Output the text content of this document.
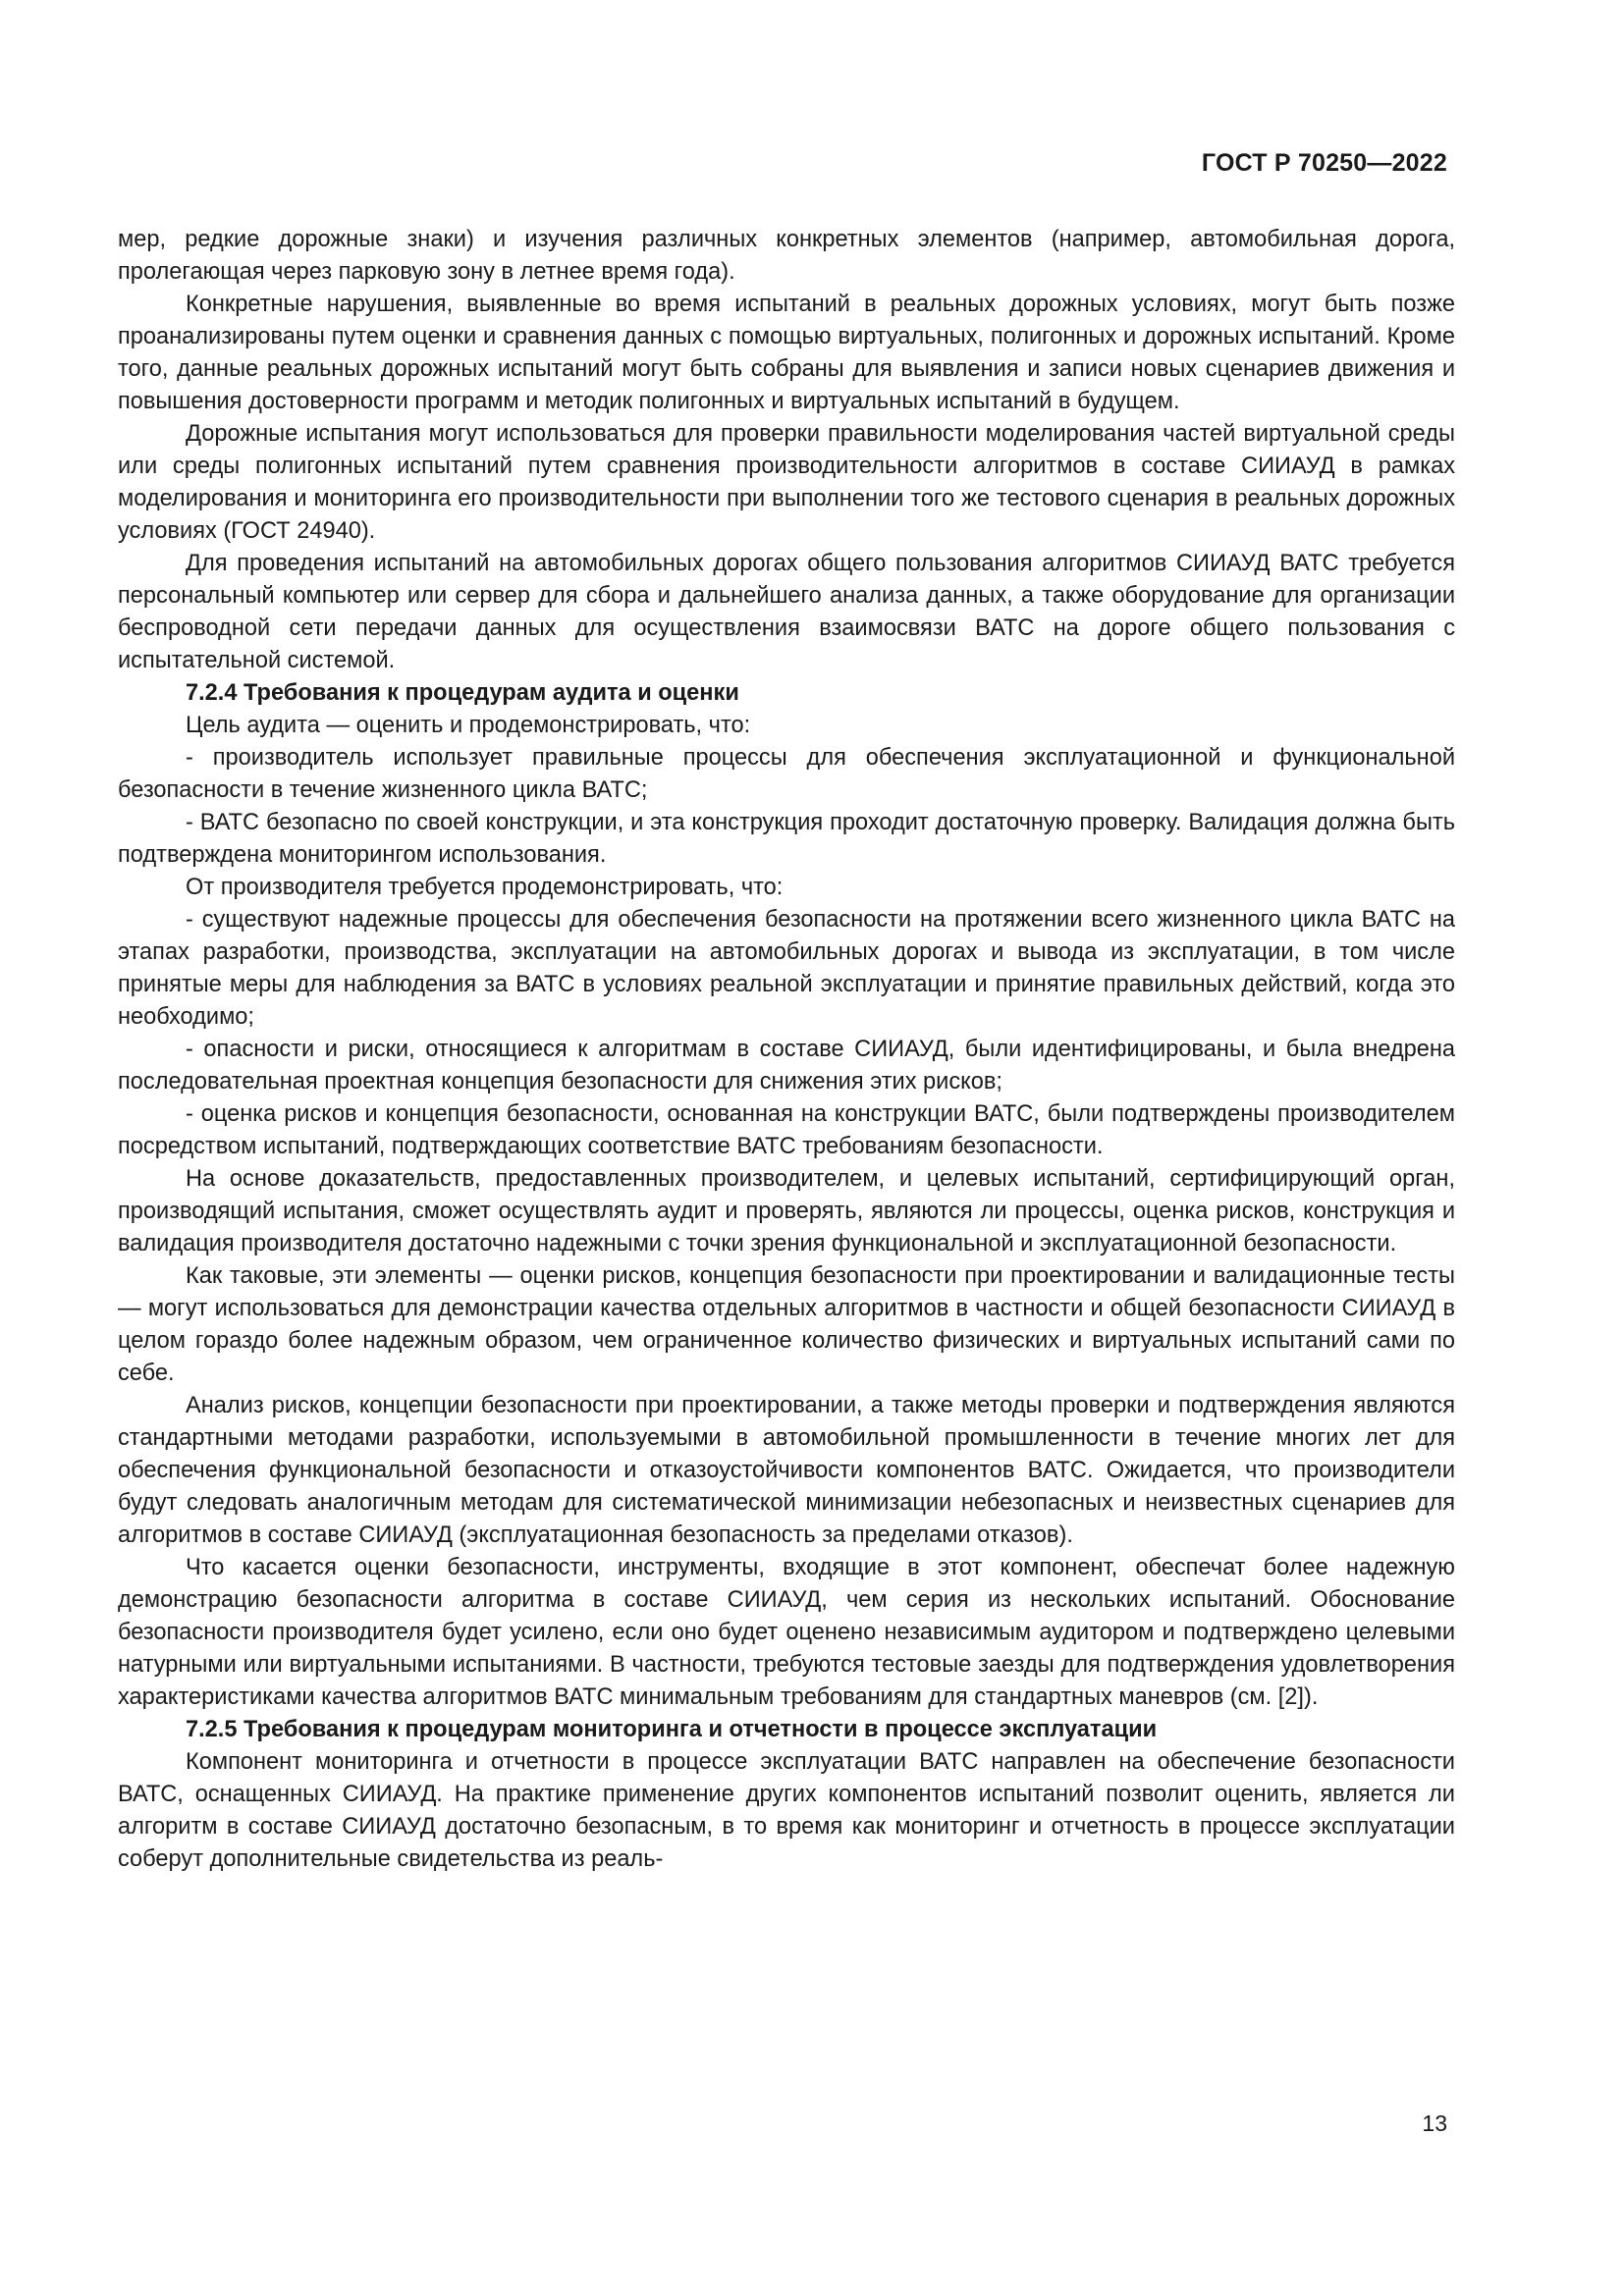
ГОСТ Р 70250—2022

мер, редкие дорожные знаки) и изучения различных конкретных элементов (например, автомобильная дорога, пролегающая через парковую зону в летнее время года).

Конкретные нарушения, выявленные во время испытаний в реальных дорожных условиях, могут быть позже проанализированы путем оценки и сравнения данных с помощью виртуальных, полигонных и дорожных испытаний. Кроме того, данные реальных дорожных испытаний могут быть собраны для выявления и записи новых сценариев движения и повышения достоверности программ и методик полигонных и виртуальных испытаний в будущем.

Дорожные испытания могут использоваться для проверки правильности моделирования частей виртуальной среды или среды полигонных испытаний путем сравнения производительности алгоритмов в составе СИИАУД в рамках моделирования и мониторинга его производительности при выполнении того же тестового сценария в реальных дорожных условиях (ГОСТ 24940).

Для проведения испытаний на автомобильных дорогах общего пользования алгоритмов СИИАУД ВАТС требуется персональный компьютер или сервер для сбора и дальнейшего анализа данных, а также оборудование для организации беспроводной сети передачи данных для осуществления взаимосвязи ВАТС на дороге общего пользования с испытательной системой.

7.2.4 Требования к процедурам аудита и оценки

Цель аудита — оценить и продемонстрировать, что:

- производитель использует правильные процессы для обеспечения эксплуатационной и функциональной безопасности в течение жизненного цикла ВАТС;

- ВАТС безопасно по своей конструкции, и эта конструкция проходит достаточную проверку. Валидация должна быть подтверждена мониторингом использования.

От производителя требуется продемонстрировать, что:

- существуют надежные процессы для обеспечения безопасности на протяжении всего жизненного цикла ВАТС на этапах разработки, производства, эксплуатации на автомобильных дорогах и вывода из эксплуатации, в том числе принятые меры для наблюдения за ВАТС в условиях реальной эксплуатации и принятие правильных действий, когда это необходимо;

- опасности и риски, относящиеся к алгоритмам в составе СИИАУД, были идентифицированы, и была внедрена последовательная проектная концепция безопасности для снижения этих рисков;

- оценка рисков и концепция безопасности, основанная на конструкции ВАТС, были подтверждены производителем посредством испытаний, подтверждающих соответствие ВАТС требованиям безопасности.

На основе доказательств, предоставленных производителем, и целевых испытаний, сертифицирующий орган, производящий испытания, сможет осуществлять аудит и проверять, являются ли процессы, оценка рисков, конструкция и валидация производителя достаточно надежными с точки зрения функциональной и эксплуатационной безопасности.

Как таковые, эти элементы — оценки рисков, концепция безопасности при проектировании и валидационные тесты — могут использоваться для демонстрации качества отдельных алгоритмов в частности и общей безопасности СИИАУД в целом гораздо более надежным образом, чем ограниченное количество физических и виртуальных испытаний сами по себе.

Анализ рисков, концепции безопасности при проектировании, а также методы проверки и подтверждения являются стандартными методами разработки, используемыми в автомобильной промышленности в течение многих лет для обеспечения функциональной безопасности и отказоустойчивости компонентов ВАТС. Ожидается, что производители будут следовать аналогичным методам для систематической минимизации небезопасных и неизвестных сценариев для алгоритмов в составе СИИАУД (эксплуатационная безопасность за пределами отказов).

Что касается оценки безопасности, инструменты, входящие в этот компонент, обеспечат более надежную демонстрацию безопасности алгоритма в составе СИИАУД, чем серия из нескольких испытаний. Обоснование безопасности производителя будет усилено, если оно будет оценено независимым аудитором и подтверждено целевыми натурными или виртуальными испытаниями. В частности, требуются тестовые заезды для подтверждения удовлетворения характеристиками качества алгоритмов ВАТС минимальным требованиям для стандартных маневров (см. [2]).

7.2.5 Требования к процедурам мониторинга и отчетности в процессе эксплуатации

Компонент мониторинга и отчетности в процессе эксплуатации ВАТС направлен на обеспечение безопасности ВАТС, оснащенных СИИАУД. На практике применение других компонентов испытаний позволит оценить, является ли алгоритм в составе СИИАУД достаточно безопасным, в то время как мониторинг и отчетность в процессе эксплуатации соберут дополнительные свидетельства из реаль-

13
